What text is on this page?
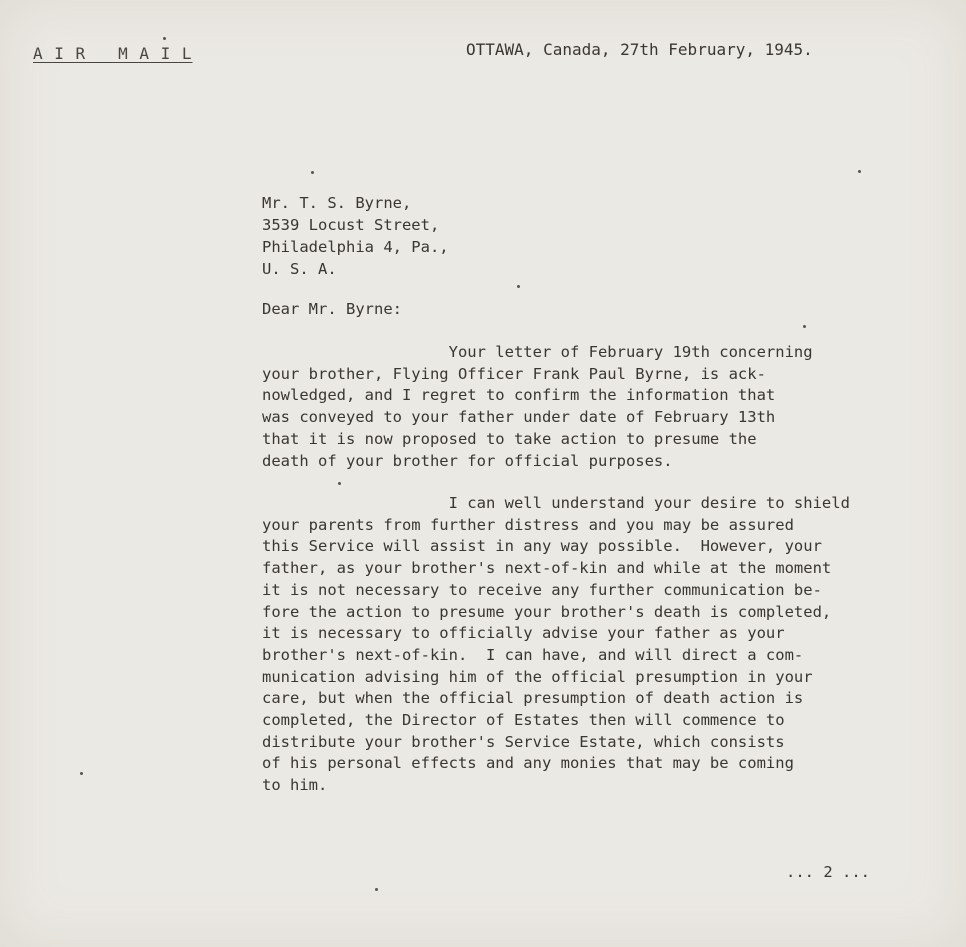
A I R   M A I L	OTTAWA, Canada, 27th February, 1945.
Mr. T. S. Byrne,
3539 Locust Street,
Philadelphia 4, Pa.,
U. S. A.
Dear Mr. Byrne:
Your letter of February 19th concerning
your brother, Flying Officer Frank Paul Byrne, is ack-
nowledged, and I regret to confirm the information that
was conveyed to your father under date of February 13th
that it is now proposed to take action to presume the
death of your brother for official purposes.
I can well understand your desire to shield
your parents from further distress and you may be assured
this Service will assist in any way possible.  However, your
father, as your brother's next-of-kin and while at the moment
it is not necessary to receive any further communication be-
fore the action to presume your brother's death is completed,
it is necessary to officially advise your father as your
brother's next-of-kin.  I can have, and will direct a com-
munication advising him of the official presumption in your
care, but when the official presumption of death action is
completed, the Director of Estates then will commence to
distribute your brother's Service Estate, which consists
of his personal effects and any monies that may be coming
to him.
... 2 ...
